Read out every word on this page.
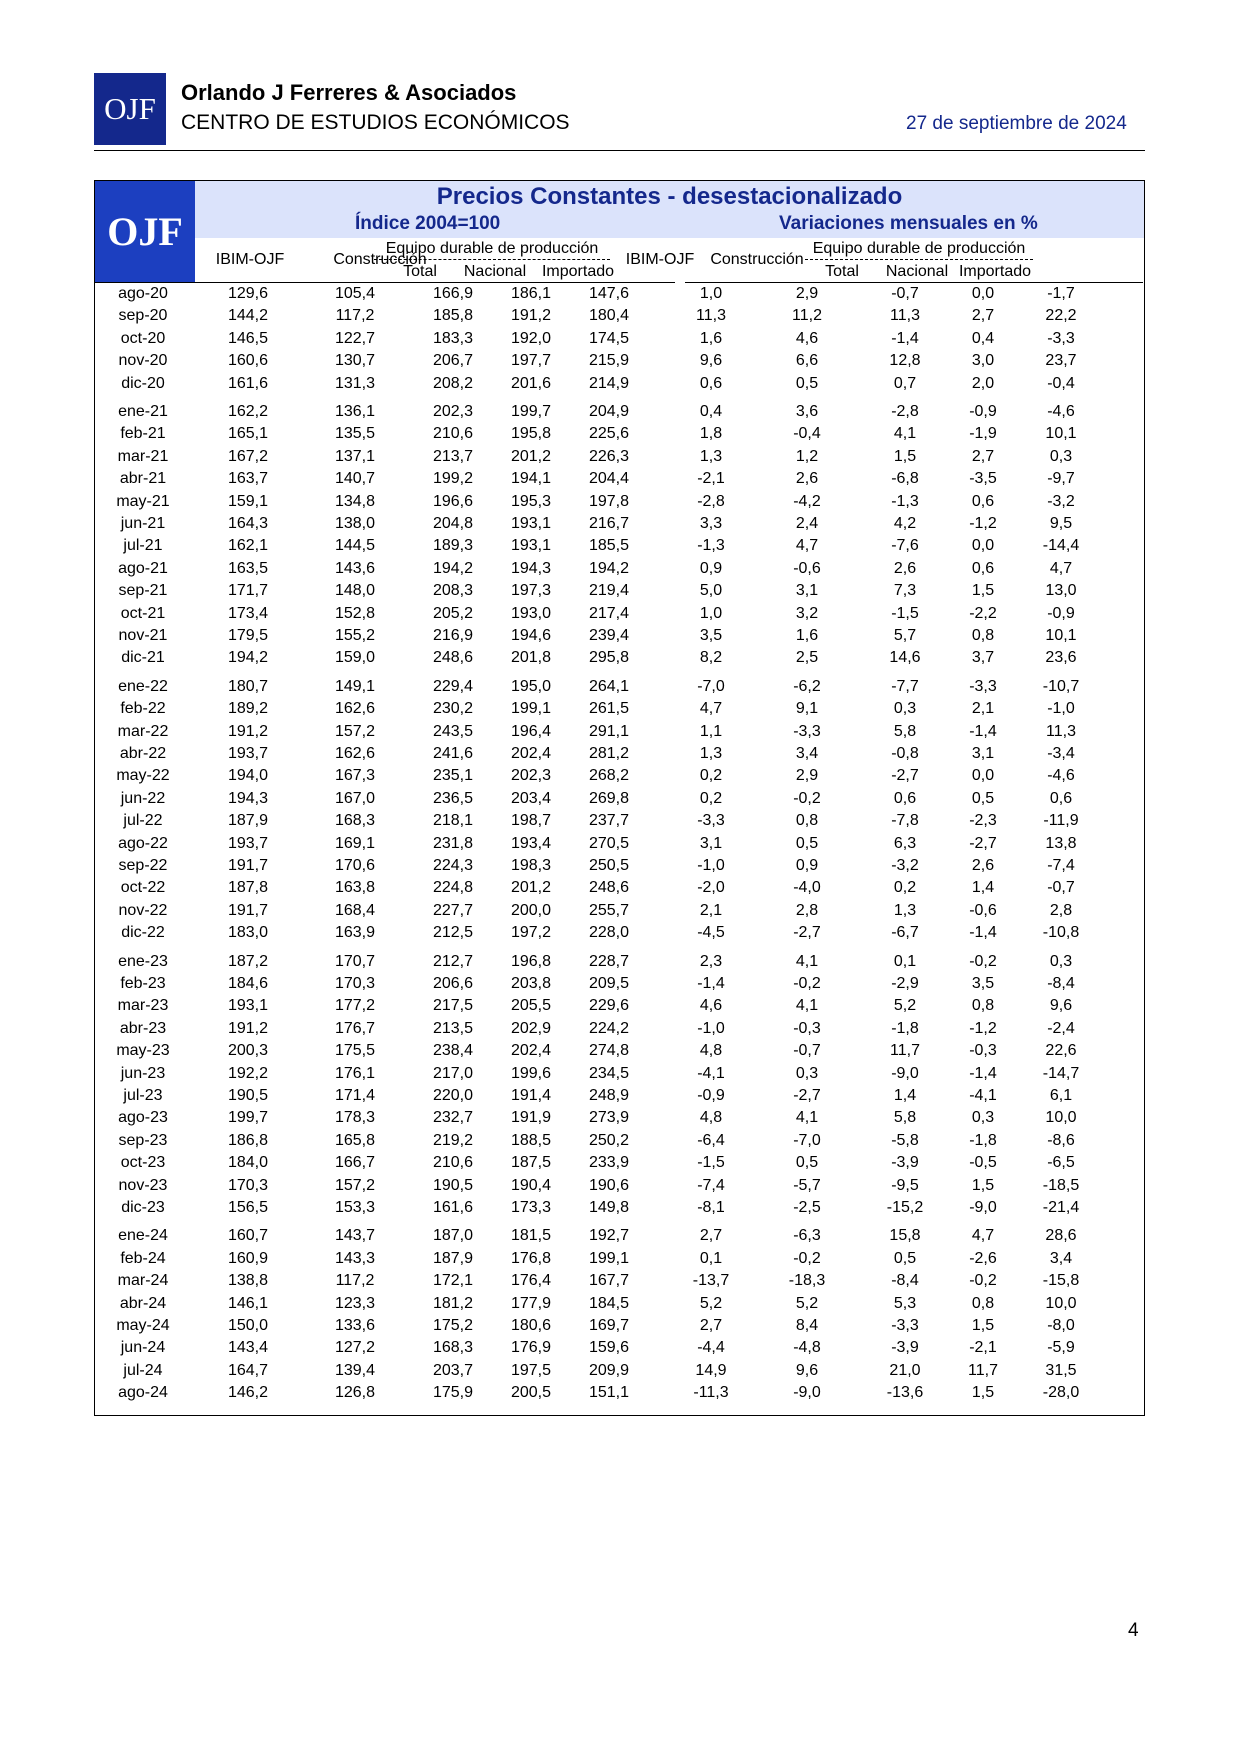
OJF	Orlando J Ferreres & Asociados
CENTRO DE ESTUDIOS ECONÓMICOS	27 de septiembre de 2024
OJF
Precios Constantes - desestacionalizado
Índice 2004=100	Variaciones mensuales en %
IBIM-OJF	Construcción
Equipo durable de producción
Total	Nacional Importado
IBIM-OJF	Construcción
Equipo durable de producción
Total	Nacional Importado
ago-20	129,6	105,4	166,9	186,1	147,6	1,0	2,9	-0,7	0,0	-1,7
sep-20	144,2	117,2	185,8	191,2	180,4	11,3	11,2	11,3	2,7	22,2
oct-20	146,5	122,7	183,3	192,0	174,5	1,6	4,6	-1,4	0,4	-3,3
nov-20	160,6	130,7	206,7	197,7	215,9	9,6	6,6	12,8	3,0	23,7
dic-20	161,6	131,3	208,2	201,6	214,9	0,6	0,5	0,7	2,0	-0,4
ene-21	162,2	136,1	202,3	199,7	204,9	0,4	3,6	-2,8	-0,9	-4,6
feb-21	165,1	135,5	210,6	195,8	225,6	1,8	-0,4	4,1	-1,9	10,1
mar-21	167,2	137,1	213,7	201,2	226,3	1,3	1,2	1,5	2,7	0,3
abr-21	163,7	140,7	199,2	194,1	204,4	-2,1	2,6	-6,8	-3,5	-9,7
may-21	159,1	134,8	196,6	195,3	197,8	-2,8	-4,2	-1,3	0,6	-3,2
jun-21	164,3	138,0	204,8	193,1	216,7	3,3	2,4	4,2	-1,2	9,5
jul-21	162,1	144,5	189,3	193,1	185,5	-1,3	4,7	-7,6	0,0	-14,4
ago-21	163,5	143,6	194,2	194,3	194,2	0,9	-0,6	2,6	0,6	4,7
sep-21	171,7	148,0	208,3	197,3	219,4	5,0	3,1	7,3	1,5	13,0
oct-21	173,4	152,8	205,2	193,0	217,4	1,0	3,2	-1,5	-2,2	-0,9
nov-21	179,5	155,2	216,9	194,6	239,4	3,5	1,6	5,7	0,8	10,1
dic-21	194,2	159,0	248,6	201,8	295,8	8,2	2,5	14,6	3,7	23,6
ene-22	180,7	149,1	229,4	195,0	264,1	-7,0	-6,2	-7,7	-3,3	-10,7
feb-22	189,2	162,6	230,2	199,1	261,5	4,7	9,1	0,3	2,1	-1,0
mar-22	191,2	157,2	243,5	196,4	291,1	1,1	-3,3	5,8	-1,4	11,3
abr-22	193,7	162,6	241,6	202,4	281,2	1,3	3,4	-0,8	3,1	-3,4
may-22	194,0	167,3	235,1	202,3	268,2	0,2	2,9	-2,7	0,0	-4,6
jun-22	194,3	167,0	236,5	203,4	269,8	0,2	-0,2	0,6	0,5	0,6
jul-22	187,9	168,3	218,1	198,7	237,7	-3,3	0,8	-7,8	-2,3	-11,9
ago-22	193,7	169,1	231,8	193,4	270,5	3,1	0,5	6,3	-2,7	13,8
sep-22	191,7	170,6	224,3	198,3	250,5	-1,0	0,9	-3,2	2,6	-7,4
oct-22	187,8	163,8	224,8	201,2	248,6	-2,0	-4,0	0,2	1,4	-0,7
nov-22	191,7	168,4	227,7	200,0	255,7	2,1	2,8	1,3	-0,6	2,8
dic-22	183,0	163,9	212,5	197,2	228,0	-4,5	-2,7	-6,7	-1,4	-10,8
ene-23	187,2	170,7	212,7	196,8	228,7	2,3	4,1	0,1	-0,2	0,3
feb-23	184,6	170,3	206,6	203,8	209,5	-1,4	-0,2	-2,9	3,5	-8,4
mar-23	193,1	177,2	217,5	205,5	229,6	4,6	4,1	5,2	0,8	9,6
abr-23	191,2	176,7	213,5	202,9	224,2	-1,0	-0,3	-1,8	-1,2	-2,4
may-23	200,3	175,5	238,4	202,4	274,8	4,8	-0,7	11,7	-0,3	22,6
jun-23	192,2	176,1	217,0	199,6	234,5	-4,1	0,3	-9,0	-1,4	-14,7
jul-23	190,5	171,4	220,0	191,4	248,9	-0,9	-2,7	1,4	-4,1	6,1
ago-23	199,7	178,3	232,7	191,9	273,9	4,8	4,1	5,8	0,3	10,0
sep-23	186,8	165,8	219,2	188,5	250,2	-6,4	-7,0	-5,8	-1,8	-8,6
oct-23	184,0	166,7	210,6	187,5	233,9	-1,5	0,5	-3,9	-0,5	-6,5
nov-23	170,3	157,2	190,5	190,4	190,6	-7,4	-5,7	-9,5	1,5	-18,5
dic-23	156,5	153,3	161,6	173,3	149,8	-8,1	-2,5	-15,2	-9,0	-21,4
ene-24	160,7	143,7	187,0	181,5	192,7	2,7	-6,3	15,8	4,7	28,6
feb-24	160,9	143,3	187,9	176,8	199,1	0,1	-0,2	0,5	-2,6	3,4
mar-24	138,8	117,2	172,1	176,4	167,7	-13,7	-18,3	-8,4	-0,2	-15,8
abr-24	146,1	123,3	181,2	177,9	184,5	5,2	5,2	5,3	0,8	10,0
may-24	150,0	133,6	175,2	180,6	169,7	2,7	8,4	-3,3	1,5	-8,0
jun-24	143,4	127,2	168,3	176,9	159,6	-4,4	-4,8	-3,9	-2,1	-5,9
jul-24	164,7	139,4	203,7	197,5	209,9	14,9	9,6	21,0	11,7	31,5
ago-24	146,2	126,8	175,9	200,5	151,1	-11,3	-9,0	-13,6	1,5	-28,0
4
